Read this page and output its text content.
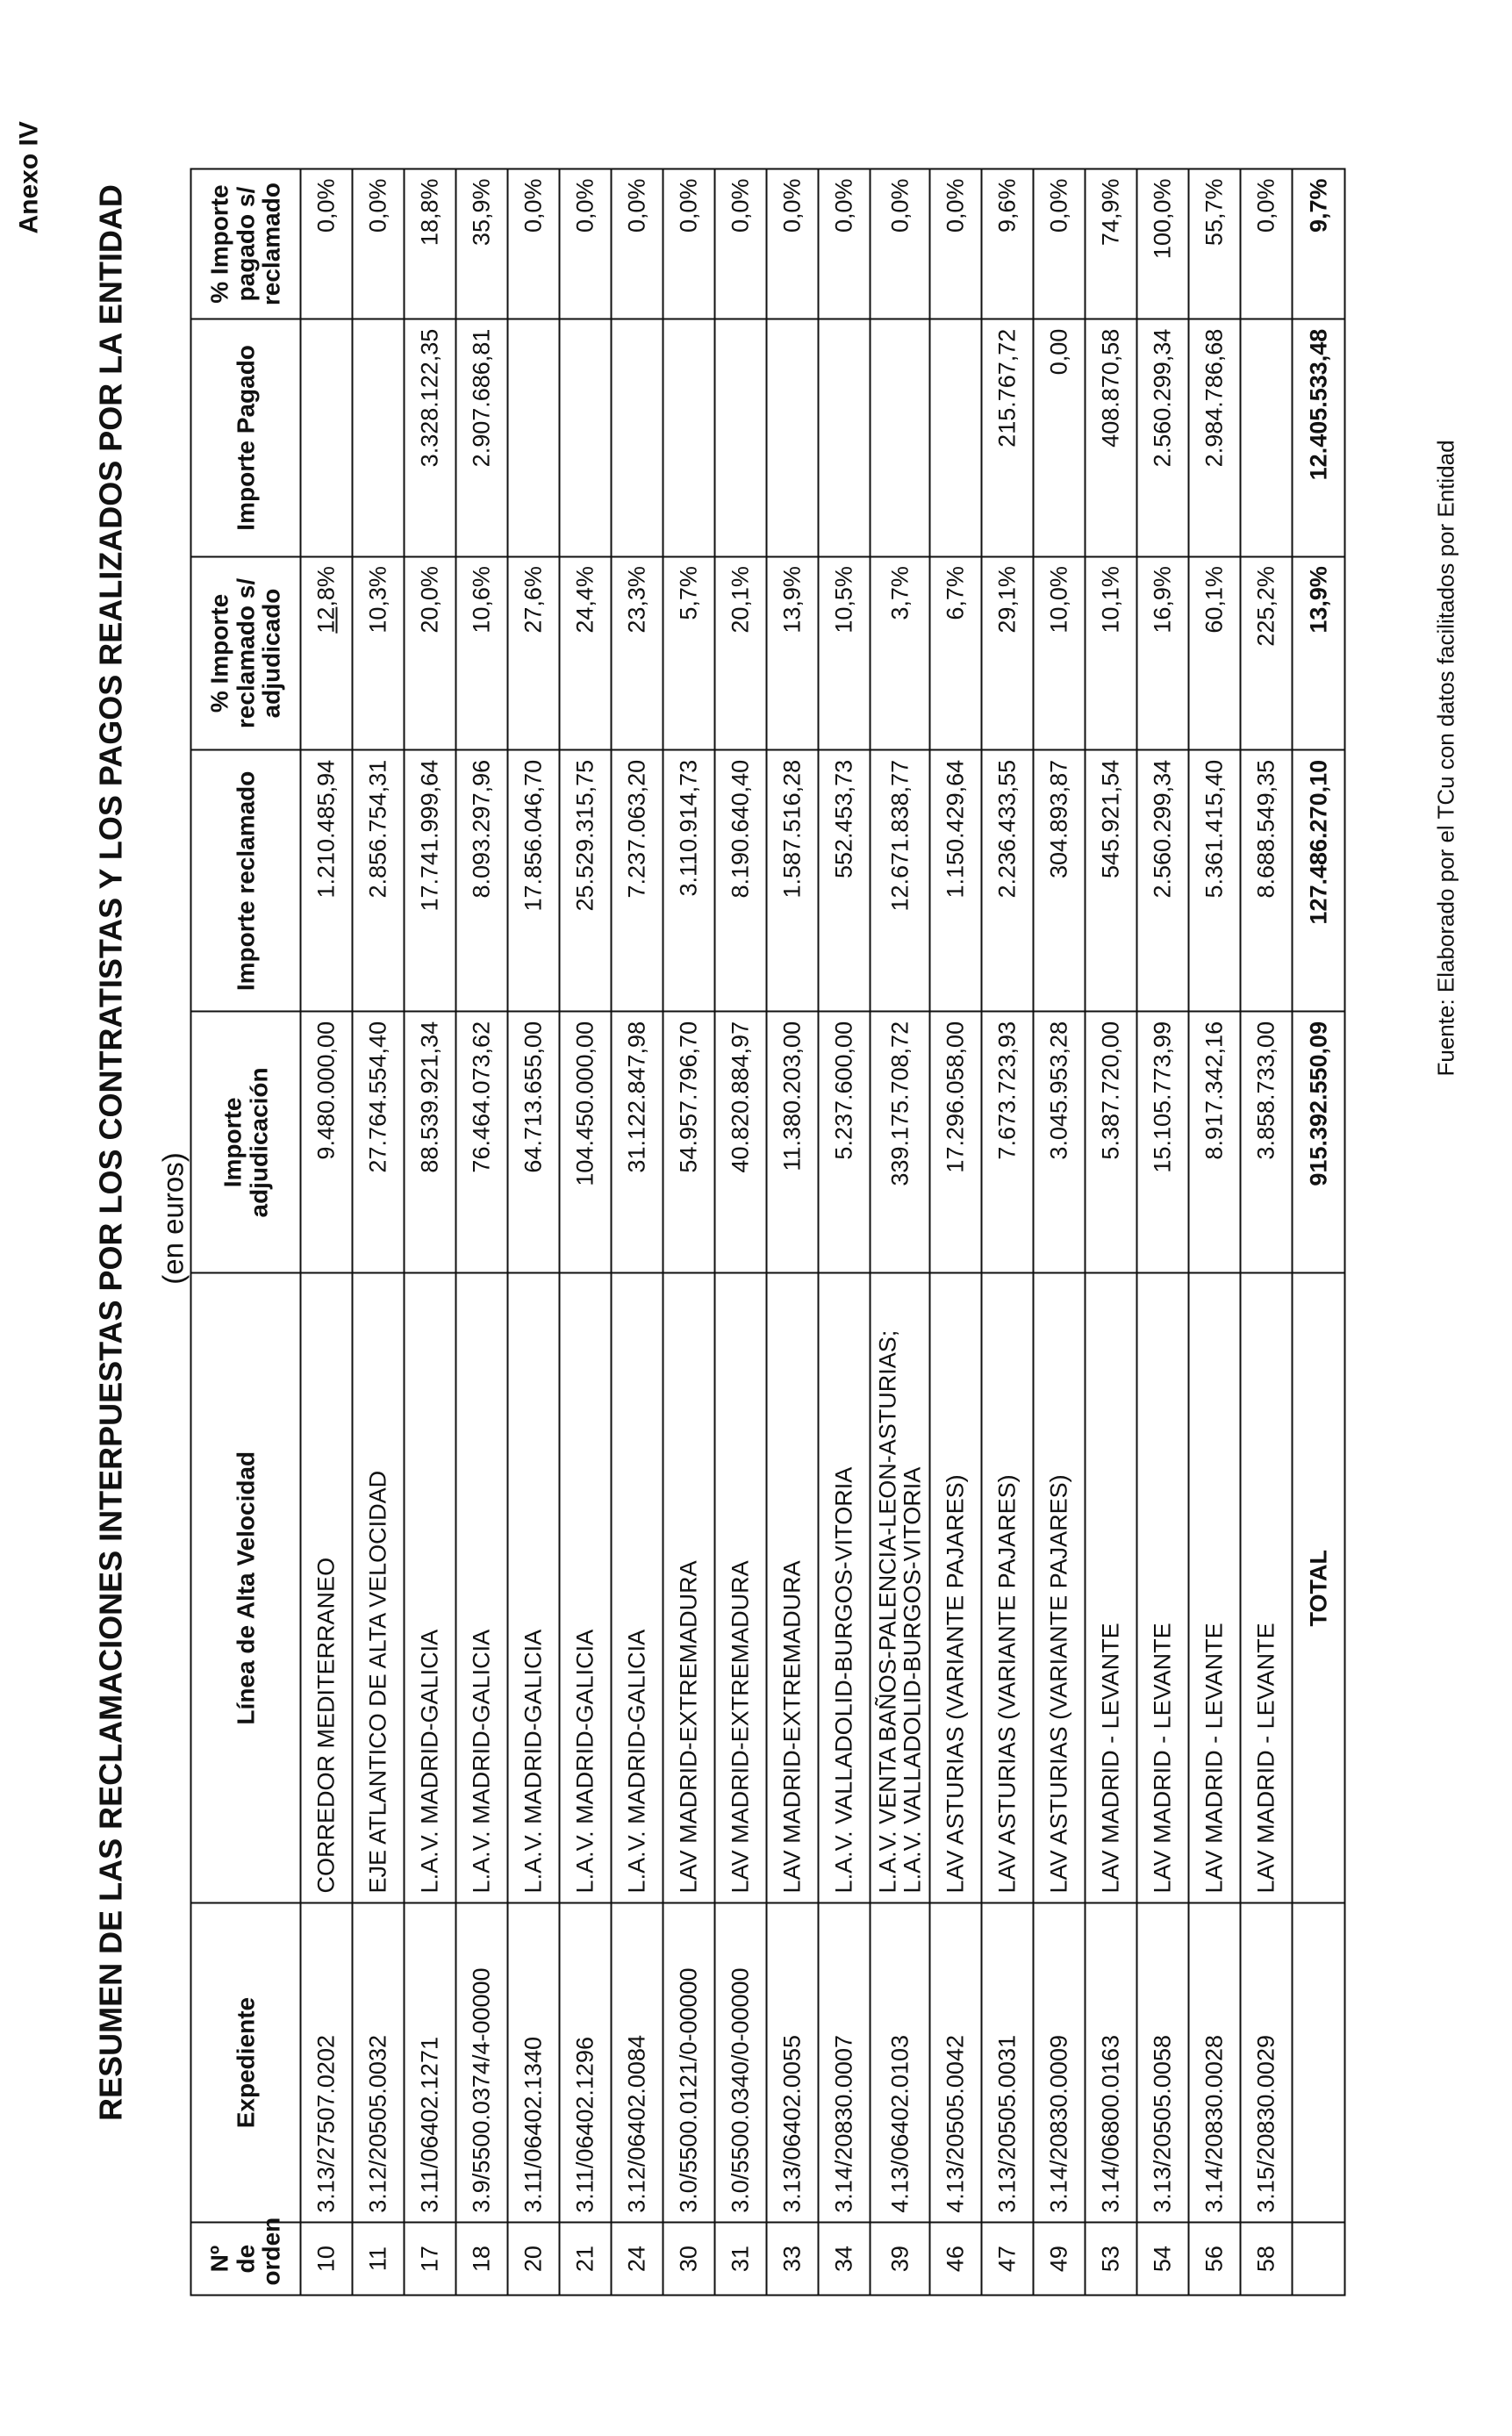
Anexo IV
RESUMEN DE LAS RECLAMACIONES INTERPUESTAS POR LOS CONTRATISTAS Y LOS PAGOS REALIZADOS POR LA ENTIDAD (en euros)
Nº de orden	Expediente	Línea de Alta Velocidad	Importe adjudicación	Importe reclamado	% Importe reclamado s/ adjudicado	Importe Pagado	% Importe pagado s/ reclamado
10	3.13/27507.0202	CORREDOR MEDITERRANEO	9.480.000,00	1.210.485,94	12,8%		0,0%
11	3.12/20505.0032	EJE ATLANTICO DE ALTA VELOCIDAD	27.764.554,40	2.856.754,31	10,3%		0,0%
17	3.11/06402.1271	L.A.V. MADRID-GALICIA	88.539.921,34	17.741.999,64	20,0%	3.328.122,35	18,8%
18	3.9/5500.0374/4-00000	L.A.V. MADRID-GALICIA	76.464.073,62	8.093.297,96	10,6%	2.907.686,81	35,9%
20	3.11/06402.1340	L.A.V. MADRID-GALICIA	64.713.655,00	17.856.046,70	27,6%		0,0%
21	3.11/06402.1296	L.A.V. MADRID-GALICIA	104.450.000,00	25.529.315,75	24,4%		0,0%
24	3.12/06402.0084	L.A.V. MADRID-GALICIA	31.122.847,98	7.237.063,20	23,3%		0,0%
30	3.0/5500.0121/0-00000	LAV MADRID-EXTREMADURA	54.957.796,70	3.110.914,73	5,7%		0,0%
31	3.0/5500.0340/0-00000	LAV MADRID-EXTREMADURA	40.820.884,97	8.190.640,40	20,1%		0,0%
33	3.13/06402.0055	LAV MADRID-EXTREMADURA	11.380.203,00	1.587.516,28	13,9%		0,0%
34	3.14/20830.0007	L.A.V. VALLADOLID-BURGOS-VITORIA	5.237.600,00	552.453,73	10,5%		0,0%
39	4.13/06402.0103	L.A.V. VENTA BAÑOS-PALENCIA-LEON-ASTURIAS;
L.A.V. VALLADOLID-BURGOS-VITORIA	339.175.708,72	12.671.838,77	3,7%		0,0%
46	4.13/20505.0042	LAV ASTURIAS (VARIANTE PAJARES)	17.296.058,00	1.150.429,64	6,7%		0,0%
47	3.13/20505.0031	LAV ASTURIAS (VARIANTE PAJARES)	7.673.723,93	2.236.433,55	29,1%	215.767,72	9,6%
49	3.14/20830.0009	LAV ASTURIAS (VARIANTE PAJARES)	3.045.953,28	304.893,87	10,0%	0,00	0,0%
53	3.14/06800.0163	LAV MADRID - LEVANTE	5.387.720,00	545.921,54	10,1%	408.870,58	74,9%
54	3.13/20505.0058	LAV MADRID - LEVANTE	15.105.773,99	2.560.299,34	16,9%	2.560.299,34	100,0%
56	3.14/20830.0028	LAV MADRID - LEVANTE	8.917.342,16	5.361.415,40	60,1%	2.984.786,68	55,7%
58	3.15/20830.0029	LAV MADRID - LEVANTE	3.858.733,00	8.688.549,35	225,2%		0,0%
		TOTAL	915.392.550,09	127.486.270,10	13,9%	12.405.533,48	9,7%
Fuente: Elaborado por el TCu con datos facilitados por Entidad
